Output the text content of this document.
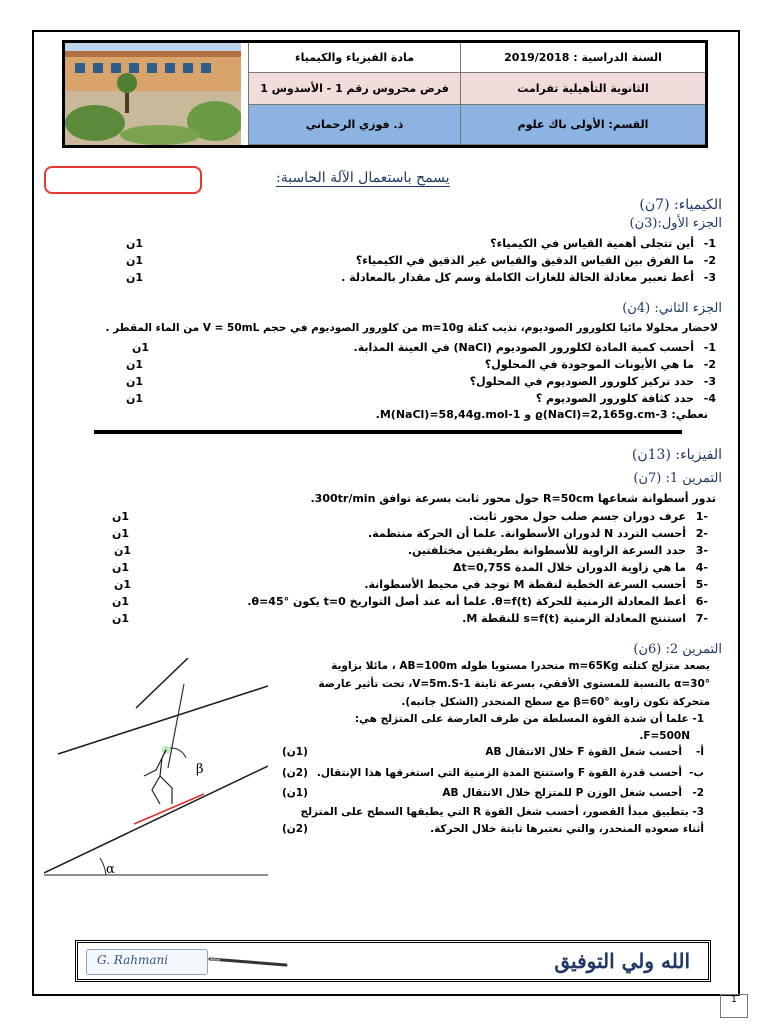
مادة الفيزياء والكيمياء	السنة الدراسية : 2019/2018
فرض محروس رقم 1 - الأسدوس 1	الثانوية التأهيلية تفرامت
ذ. فوزي الرحماني	القسم: الأولى باك علوم
يسمح باستعمال الآلة الحاسبة:
الكيمياء: (7ن)
الجزء الأول:(3ن)
1-أين تتجلى أهمية القياس في الكيمياء؟
1ن
2-ما الفرق بين القياس الدقيق والقياس غير الدقيق في الكيمياء؟
1ن
3-أعط تعبير معادلة الحالة للغازات الكاملة وسم كل مقدار بالمعادلة .
1ن
الجزء الثاني: (4ن)
لاحضار محلولا مائيا لكلورور الصوديوم، نذيب كتلة m=10g من كلورور الصوديوم في حجم V = 50mL من الماء المقطر .
1-أحسب كمية المادة لكلورور الصوديوم (NaCl) في العينة المذابة.
1ن
2-ما هي الأيونات الموجودة في المحلول؟
1ن
3-حدد تركيز كلورور الصوديوم في المحلول؟
1ن
4-حدد كثافة كلورور الصوديوم ؟
1ن
نعطي: ϱ(NaCl)=2,165g.cm-3 و M(NaCl)=58,44g.mol-1.
الفيزياء: (13ن)
التمرين 1: (7ن)
تدور أسطوانة شعاعها R=50cm حول محور ثابت بسرعة توافق 300tr/min.
-1عرف دوران جسم صلب حول محور ثابت.
1ن
-2أحسب التردد N لدوران الأسطوانة. علما أن الحركة منتظمة.
1ن
-3حدد السرعة الزاوية للأسطوانة بطريقتين مختلفتين.
1ن
-4ما هي زاوية الدوران خلال المدة Δt=0,75S
1ن
-5أحسب السرعة الخطية لنقطة M توجد في محيط الأسطوانة.
1ن
-6أعط المعادلة الزمنية للحركة θ=f(t). علما أنه عند أصل التواريخ t=0 يكون θ=45°.
1ن
-7استنتج المعادلة الزمنية s=f(t) للنقطة M.
1ن
التمرين 2: (6ن)
β
α
يصعد متزلج كتلته m=65Kg منحدرا مستويا طوله AB=100m ، مائلا بزاوية
α=30° بالنسبة للمستوى الأفقي، بسرعة ثابتة V=5m.S-1، تحت تأثير عارضة
متحركة تكون زاوية β=60° مع سطح المنحدر (الشكل جانبه).
1- علما أن شدة القوة المسلطة من طرف العارضة على المتزلج هي:
F=500N.
أ-أحسب شغل القوة F خلال الانتقال AB
(1ن)
ب-أحسب قدرة القوة F واستنتج المدة الزمنية التي استغرقها هذا الإنتقال.
(2ن)
2-أحسب شغل الوزن P للمتزلج خلال الانتقال AB
(1ن)
3- بتطبيق مبدأ القصور، أحسب شغل القوة R التي يطبقها السطح على المتزلج
أثناء صعوده المنحدر، والتي نعتبرها ثابتة خلال الحركة.
(2ن)
G. Rahmani	الله ولي التوفيق
1
